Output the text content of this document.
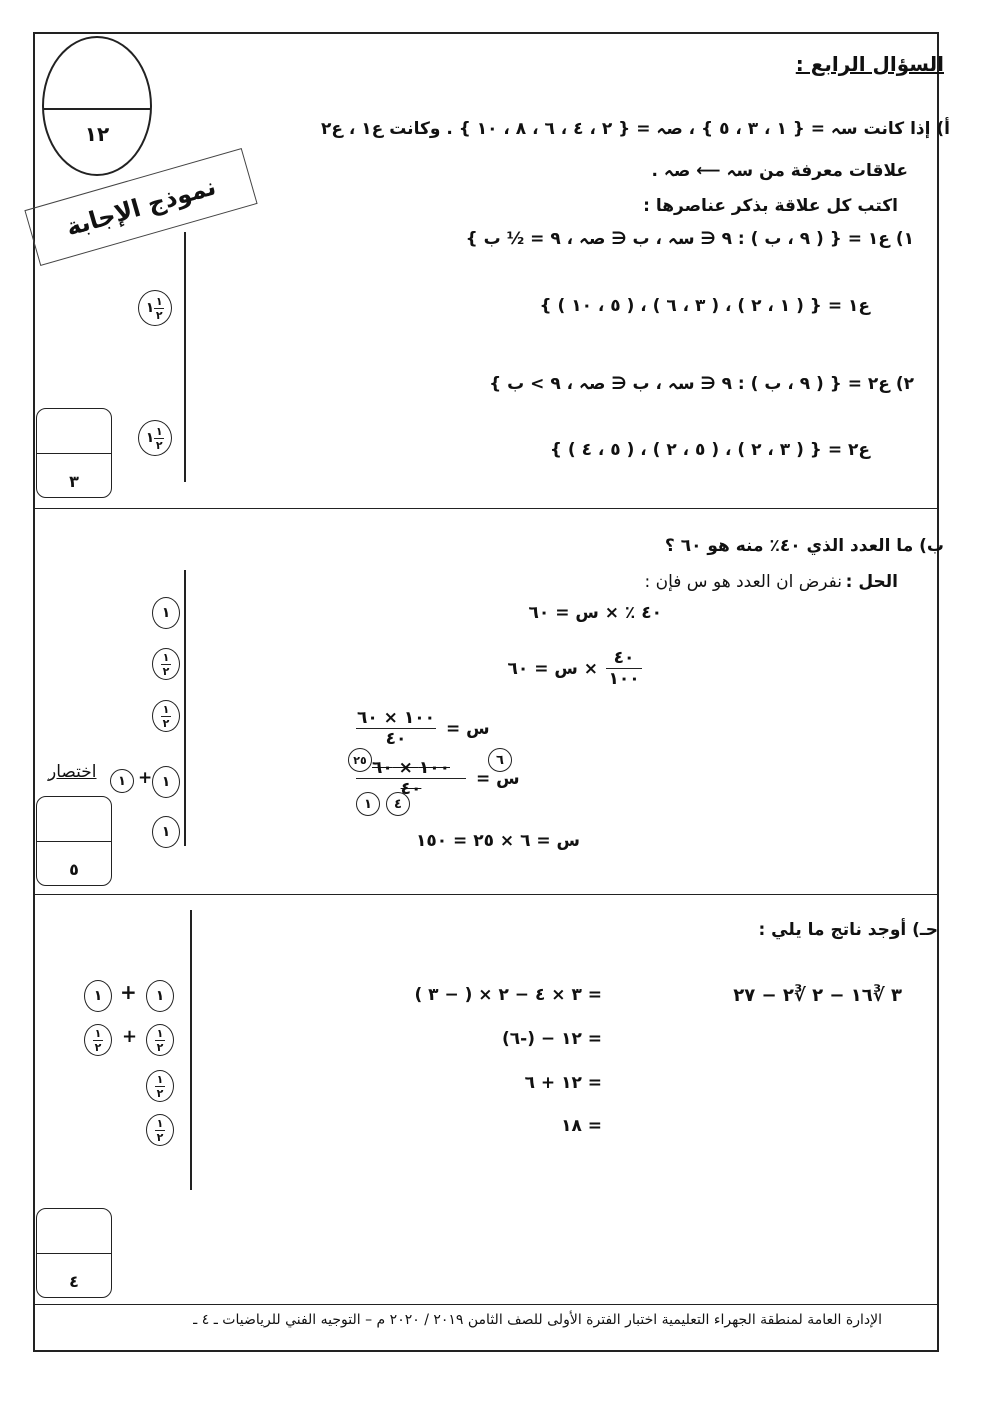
السؤال الرابع :
١٢
نموذج الإجابة
أ) إذا كانت سہ = { ١ ، ٣ ، ٥ } ، صہ = { ٢ ، ٤ ، ٦ ، ٨ ، ١٠ } . وكانت ع١ ، ع٢
علاقات معرفة من سہ ⟵ صہ .
اكتب كل علاقة بذكر عناصرها :
١) ع١ = { ( ٩ ، ب ) : ٩ ∈ سہ ، ب ∈ صہ ، ٩ = ½ ب }
ع١ = { ( ١ ، ٢ ) ، ( ٣ ، ٦ ) ، ( ٥ ، ١٠ ) }
٢) ع٢ = { ( ٩ ، ب ) : ٩ ∈ سہ ، ب ∈ صہ ، ٩ > ب }
ع٢ = { ( ٣ ، ٢ ) ، ( ٥ ، ٢ ) ، ( ٥ ، ٤ ) }
١ $\frac{١}{٢}$
١ $\frac{١}{٢}$
٣
ب) ما العدد الذي ٤٠٪ منه هو ٦٠ ؟
الحل :
نفرض ان العدد هو س فإن :
٤٠ ٪ × س = ٦٠
٤٠
١٠٠
× س = ٦٠
١٠٠ × ٦٠
٤٠
س =
١٠٠ × ٦٠
٤٠
س =
٢٥	٦
١	٤
س = ٦ × ٢٥ = ١٥٠
١
$\frac{١}{٢}$
$\frac{١}{٢}$
اختصار	١ + ١
١
٥
حـ) أوجد ناتج ما يلي :
٣ ∛١٦ − ٢ ∛٢ − ٢٧
= ٣ × ٤ − ٢ × ( − ٣ )
= ١٢ − (-٦)
= ١٢ + ٦
= ١٨
١ +	١
$\frac{١}{٢} + \frac{١}{٢}$
$\frac{١}{٢}$
$\frac{١}{٢}$
٤
الإدارة العامة لمنطقة الجهراء التعليمية اختبار الفترة الأولى للصف الثامن ٢٠١٩ / ٢٠٢٠ م – التوجيه الفني للرياضيات ـ ٤ ـ
